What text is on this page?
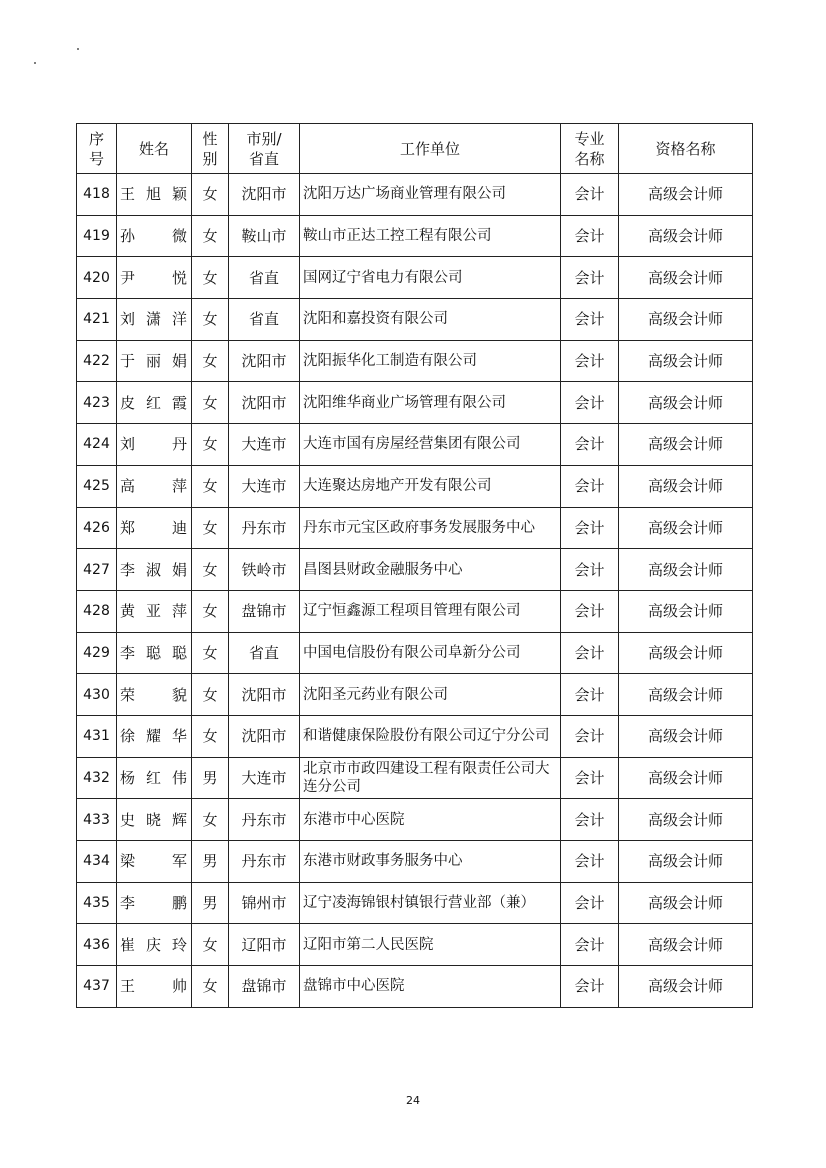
序号	姓名	性别	市别/省直	工作单位	专业名称	资格名称
418	王旭颖	女	沈阳市	沈阳万达广场商业管理有限公司	会计	高级会计师
419	孙微	女	鞍山市	鞍山市正达工控工程有限公司	会计	高级会计师
420	尹悦	女	省直	国网辽宁省电力有限公司	会计	高级会计师
421	刘潇洋	女	省直	沈阳和嘉投资有限公司	会计	高级会计师
422	于丽娟	女	沈阳市	沈阳振华化工制造有限公司	会计	高级会计师
423	皮红霞	女	沈阳市	沈阳维华商业广场管理有限公司	会计	高级会计师
424	刘丹	女	大连市	大连市国有房屋经营集团有限公司	会计	高级会计师
425	高萍	女	大连市	大连聚达房地产开发有限公司	会计	高级会计师
426	郑迪	女	丹东市	丹东市元宝区政府事务发展服务中心	会计	高级会计师
427	李淑娟	女	铁岭市	昌图县财政金融服务中心	会计	高级会计师
428	黄亚萍	女	盘锦市	辽宁恒鑫源工程项目管理有限公司	会计	高级会计师
429	李聪聪	女	省直	中国电信股份有限公司阜新分公司	会计	高级会计师
430	荣貌	女	沈阳市	沈阳圣元药业有限公司	会计	高级会计师
431	徐耀华	女	沈阳市	和谐健康保险股份有限公司辽宁分公司	会计	高级会计师
432	杨红伟	男	大连市	北京市市政四建设工程有限责任公司大连分公司	会计	高级会计师
433	史晓辉	女	丹东市	东港市中心医院	会计	高级会计师
434	梁军	男	丹东市	东港市财政事务服务中心	会计	高级会计师
435	李鹏	男	锦州市	辽宁凌海锦银村镇银行营业部（兼）	会计	高级会计师
436	崔庆玲	女	辽阳市	辽阳市第二人民医院	会计	高级会计师
437	王帅	女	盘锦市	盘锦市中心医院	会计	高级会计师
24
